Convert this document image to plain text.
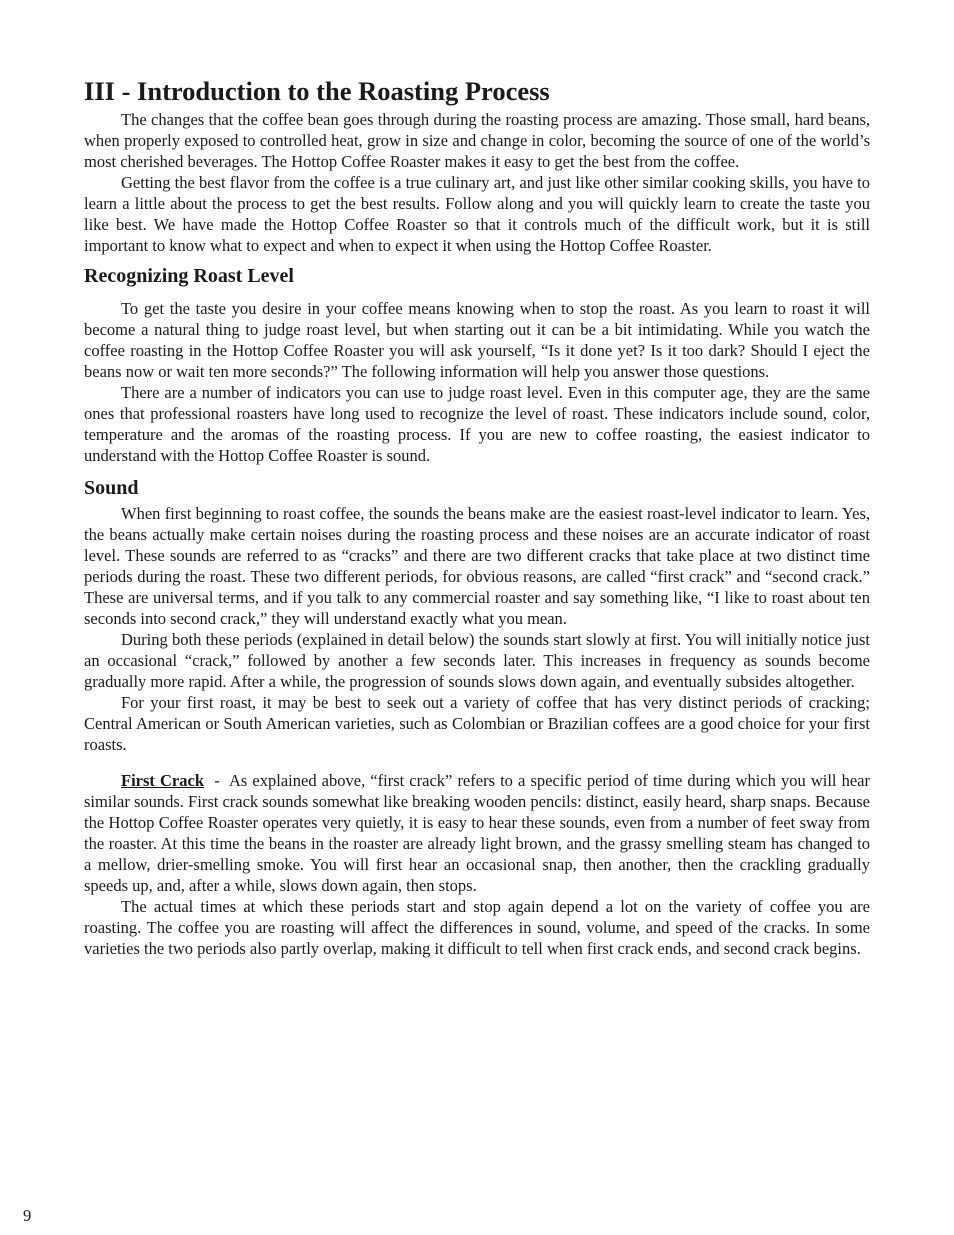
III - Introduction to the Roasting Process

The changes that the coffee bean goes through during the roasting process are amazing. Those small, hard beans, when properly exposed to controlled heat, grow in size and change in color, becoming the source of one of the world’s most cherished beverages. The Hottop Coffee Roaster makes it easy to get the best from the coffee.

Getting the best flavor from the coffee is a true culinary art, and just like other similar cooking skills, you have to learn a little about the process to get the best results. Follow along and you will quickly learn to create the taste you like best. We have made the Hottop Coffee Roaster so that it controls much of the difficult work, but it is still important to know what to expect and when to expect it when using the Hottop Coffee Roaster.

Recognizing Roast Level

To get the taste you desire in your coffee means knowing when to stop the roast. As you learn to roast it will become a natural thing to judge roast level, but when starting out it can be a bit intimidating. While you watch the coffee roasting in the Hottop Coffee Roaster you will ask yourself, “Is it done yet? Is it too dark? Should I eject the beans now or wait ten more seconds?” The following information will help you answer those questions.

There are a number of indicators you can use to judge roast level. Even in this computer age, they are the same ones that professional roasters have long used to recognize the level of roast. These indicators include sound, color, temperature and the aromas of the roasting process. If you are new to coffee roasting, the easiest indicator to understand with the Hottop Coffee Roaster is sound.

Sound

When first beginning to roast coffee, the sounds the beans make are the easiest roast-level indicator to learn. Yes, the beans actually make certain noises during the roasting process and these noises are an accurate indicator of roast level. These sounds are referred to as “cracks” and there are two different cracks that take place at two distinct time periods during the roast. These two different periods, for obvious reasons, are called “first crack” and “second crack.” These are universal terms, and if you talk to any commercial roaster and say something like, “I like to roast about ten seconds into second crack,” they will understand exactly what you mean.

During both these periods (explained in detail below) the sounds start slowly at first. You will initially notice just an occasional “crack,” followed by another a few seconds later. This increases in frequency as sounds become gradually more rapid. After a while, the progression of sounds slows down again, and eventually subsides altogether.

For your first roast, it may be best to seek out a variety of coffee that has very distinct periods of cracking; Central American or South American varieties, such as Colombian or Brazilian coffees are a good choice for your first roasts.

First Crack  -  As explained above, “first crack” refers to a specific period of time during which you will hear similar sounds. First crack sounds somewhat like breaking wooden pencils: distinct, easily heard, sharp snaps. Because the Hottop Coffee Roaster operates very quietly, it is easy to hear these sounds, even from a number of feet sway from the roaster. At this time the beans in the roaster are already light brown, and the grassy smelling steam has changed to a mellow, drier-smelling smoke. You will first hear an occasional snap, then another, then the crackling gradually speeds up, and, after a while, slows down again, then stops.

The actual times at which these periods start and stop again depend a lot on the variety of coffee you are roasting. The coffee you are roasting will affect the differences in sound, volume, and speed of the cracks. In some varieties the two periods also partly overlap, making it difficult to tell when first crack ends, and second crack begins.

9
